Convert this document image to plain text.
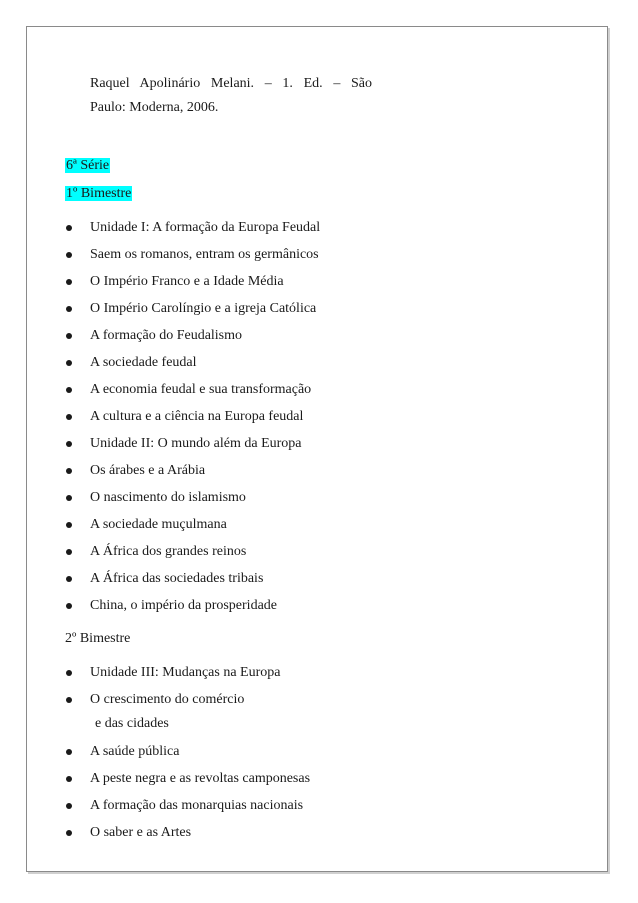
Raquel Apolinário Melani. – 1. Ed. – São
Paulo: Moderna, 2006.
6ª Série
1º Bimestre
Unidade I: A formação da Europa Feudal
Saem os romanos, entram os germânicos
O Império Franco e a Idade Média
O Império Carolíngio e a igreja Católica
A formação do Feudalismo
A sociedade feudal
A economia feudal e sua transformação
A cultura e a ciência na Europa feudal
Unidade II: O mundo além da Europa
Os árabes e a Arábia
O nascimento do islamismo
A sociedade muçulmana
A África dos grandes reinos
A África das sociedades tribais
China, o império da prosperidade
2º Bimestre
Unidade III: Mudanças na Europa
O crescimento do comércio
e das cidades
A saúde pública
A peste negra e as revoltas camponesas
A formação das monarquias nacionais
O saber e as Artes
